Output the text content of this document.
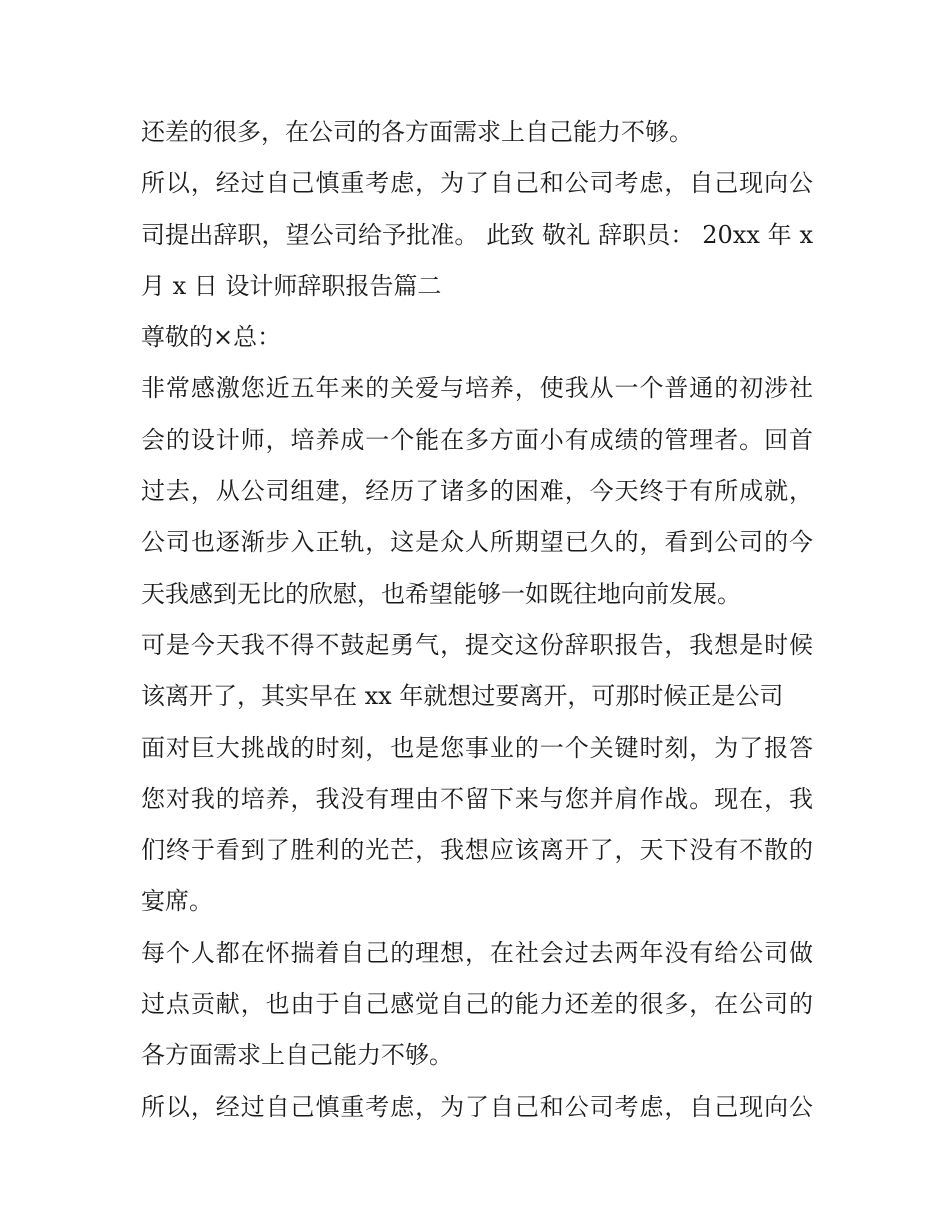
还差的很多，在公司的各方面需求上自己能力不够。
所以，经过自己慎重考虑，为了自己和公司考虑，自己现向公
司提出辞职，望公司给予批准。 此致 敬礼 辞职员： 20xx 年 x
月 x 日 设计师辞职报告篇二
尊敬的×总：
非常感激您近五年来的关爱与培养，使我从一个普通的初涉社
会的设计师，培养成一个能在多方面小有成绩的管理者。回首
过去，从公司组建，经历了诸多的困难，今天终于有所成就，
公司也逐渐步入正轨，这是众人所期望已久的，看到公司的今
天我感到无比的欣慰，也希望能够一如既往地向前发展。
可是今天我不得不鼓起勇气，提交这份辞职报告，我想是时候
该离开了，其实早在 xx 年就想过要离开，可那时候正是公司
面对巨大挑战的时刻，也是您事业的一个关键时刻，为了报答
您对我的培养，我没有理由不留下来与您并肩作战。现在，我
们终于看到了胜利的光芒，我想应该离开了，天下没有不散的
宴席。
每个人都在怀揣着自己的理想，在社会过去两年没有给公司做
过点贡献，也由于自己感觉自己的能力还差的很多，在公司的
各方面需求上自己能力不够。
所以，经过自己慎重考虑，为了自己和公司考虑，自己现向公
